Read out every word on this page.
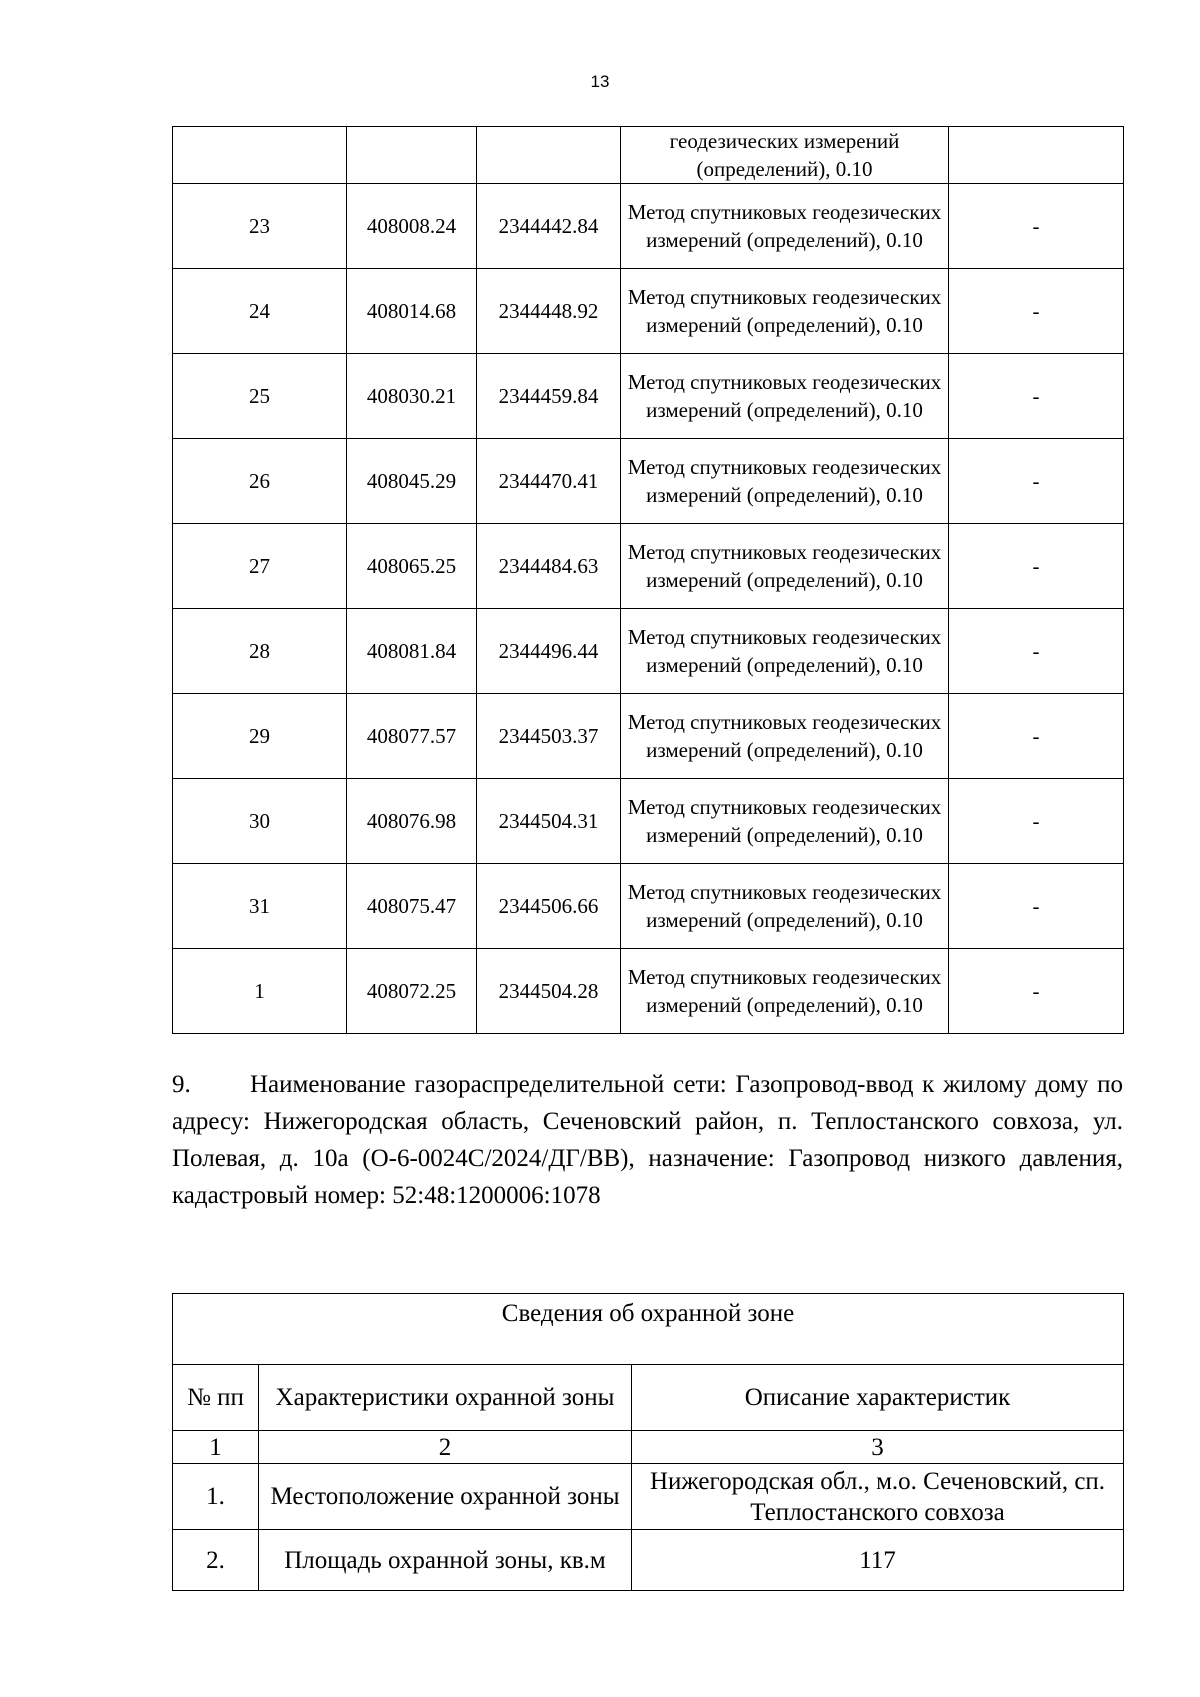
13
			геодезических измерений (определений), 0.10	
23	408008.24	2344442.84	Метод спутниковых геодезических измерений (определений), 0.10	-
24	408014.68	2344448.92	Метод спутниковых геодезических измерений (определений), 0.10	-
25	408030.21	2344459.84	Метод спутниковых геодезических измерений (определений), 0.10	-
26	408045.29	2344470.41	Метод спутниковых геодезических измерений (определений), 0.10	-
27	408065.25	2344484.63	Метод спутниковых геодезических измерений (определений), 0.10	-
28	408081.84	2344496.44	Метод спутниковых геодезических измерений (определений), 0.10	-
29	408077.57	2344503.37	Метод спутниковых геодезических измерений (определений), 0.10	-
30	408076.98	2344504.31	Метод спутниковых геодезических измерений (определений), 0.10	-
31	408075.47	2344506.66	Метод спутниковых геодезических измерений (определений), 0.10	-
1	408072.25	2344504.28	Метод спутниковых геодезических измерений (определений), 0.10	-
9. Наименование газораспределительной сети: Газопровод-ввод к жилому дому по адресу: Нижегородская область, Сеченовский район, п. Теплостанского совхоза, ул. Полевая, д. 10а (О-6-0024С/2024/ДГ/ВВ), назначение: Газопровод низкого давления, кадастровый номер: 52:48:1200006:1078
Сведения об охранной зоне		
№ пп	Характеристики охранной зоны	Описание характеристик
1	2	3
1.	Местоположение охранной зоны	Нижегородская обл., м.о. Сеченовский, сп. Теплостанского совхоза
2.	Площадь охранной зоны, кв.м	117
